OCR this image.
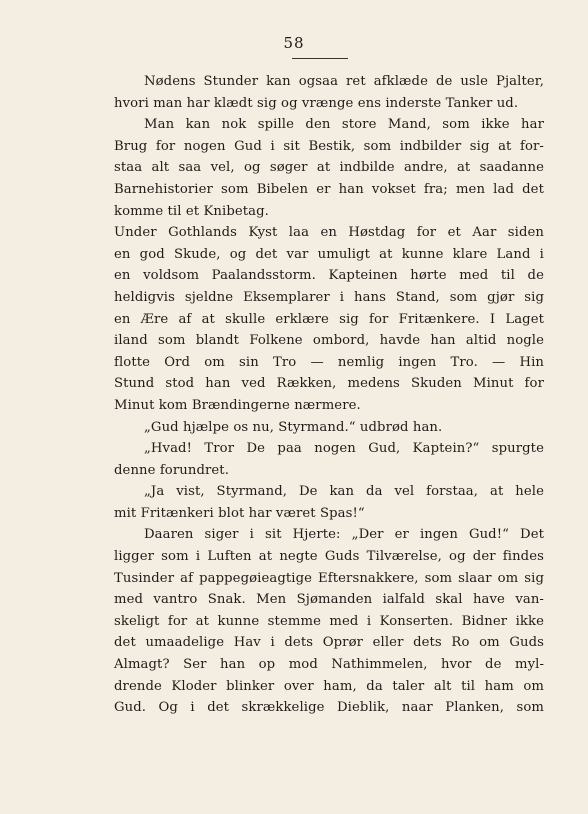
58
Nødens Stunder kan ogsaa ret afklæde de usle Pjalter,
hvori man har klædt sig og vrænge ens inderste Tanker ud.
Man kan nok spille den store Mand, som ikke har
Brug for nogen Gud i sit Bestik, som indbilder sig at for-
staa alt saa vel, og søger at indbilde andre, at saadanne
Barnehistorier som Bibelen er han vokset fra; men lad det
komme til et Knibetag.
Under Gothlands Kyst laa en Høstdag for et Aar siden
en god Skude, og det var umuligt at kunne klare Land i
en voldsom Paalandsstorm. Kapteinen hørte med til de
heldigvis sjeldne Eksemplarer i hans Stand, som gjør sig
en Ære af at skulle erklære sig for Fritænkere. I Laget
iland som blandt Folkene ombord, havde han altid nogle
flotte Ord om sin Tro — nemlig ingen Tro. — Hin
Stund stod han ved Rækken, medens Skuden Minut for
Minut kom Brændingerne nærmere.
„Gud hjælpe os nu, Styrmand.“ udbrød han.
„Hvad! Tror De paa nogen Gud, Kaptein?“ spurgte
denne forundret.
„Ja vist, Styrmand, De kan da vel forstaa, at hele
mit Fritænkeri blot har været Spas!“
Daaren siger i sit Hjerte: „Der er ingen Gud!“ Det
ligger som i Luften at negte Guds Tilværelse, og der findes
Tusinder af pappegøieagtige Eftersnakkere, som slaar om sig
med vantro Snak. Men Sjømanden ialfald skal have van-
skeligt for at kunne stemme med i Konserten. Bidner ikke
det umaadelige Hav i dets Oprør eller dets Ro om Guds
Almagt? Ser han op mod Nathimmelen, hvor de myl-
drende Kloder blinker over ham, da taler alt til ham om
Gud. Og i det skrækkelige Dieblik, naar Planken, som
